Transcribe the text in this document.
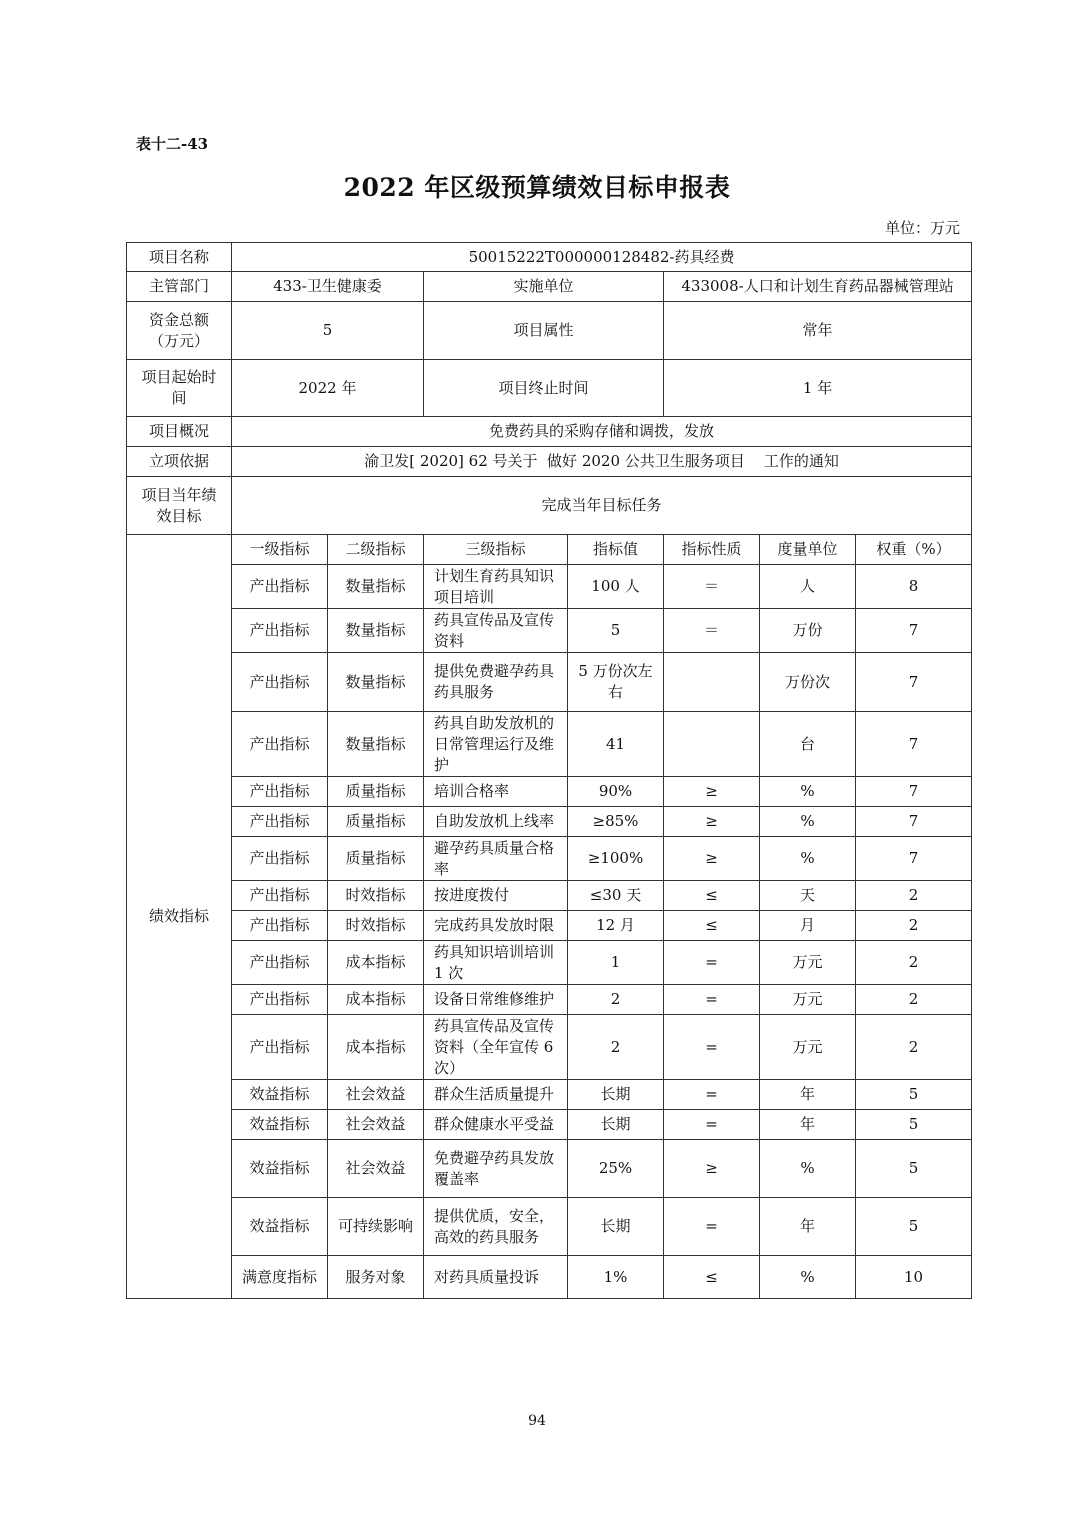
表十二-43
2022 年区级预算绩效目标申报表
单位：万元
项目名称	50015222T000000128482-药具经费						
主管部门	433-卫生健康委		实施单位		433008-人口和计划生育药品器械管理站		
资金总额
（万元）	5		项目属性		常年		
项目起始时
间	2022 年		项目终止时间		1 年		
项目概况	免费药具的采购存储和调拨，发放						
立项依据	渝卫发[ 2020] 62 号关于  做好 2020 公共卫生服务项目    工作的通知						
项目当年绩
效目标	完成当年目标任务						
绩效指标	一级指标	二级指标	三级指标	指标值	指标性质	度量单位	权重（%）
	产出指标	数量指标	计划生育药具知识项目培训	100 人	＝	人	8
	产出指标	数量指标	药具宣传品及宣传资料	5	＝	万份	7
	产出指标	数量指标	提供免费避孕药具药具服务	5 万份次左右		万份次	7
	产出指标	数量指标	药具自助发放机的日常管理运行及维护	41		台	7
	产出指标	质量指标	培训合格率	90%	≥	%	7
	产出指标	质量指标	自助发放机上线率	≥85%	≥	%	7
	产出指标	质量指标	避孕药具质量合格率	≥100%	≥	%	7
	产出指标	时效指标	按进度拨付	≤30 天	≤	天	2
	产出指标	时效指标	完成药具发放时限	12 月	≤	月	2
	产出指标	成本指标	药具知识培训培训 1 次	1	=	万元	2
	产出指标	成本指标	设备日常维修维护	2	=	万元	2
	产出指标	成本指标	药具宣传品及宣传资料（全年宣传 6 次）	2	=	万元	2
	效益指标	社会效益	群众生活质量提升	长期	=	年	5
	效益指标	社会效益	群众健康水平受益	长期	=	年	5
	效益指标	社会效益	免费避孕药具发放覆盖率	25%	≥	%	5
	效益指标	可持续影响	提供优质，安全，高效的药具服务	长期	=	年	5
	满意度指标	服务对象	对药具质量投诉	1%	≤	%	10
94
